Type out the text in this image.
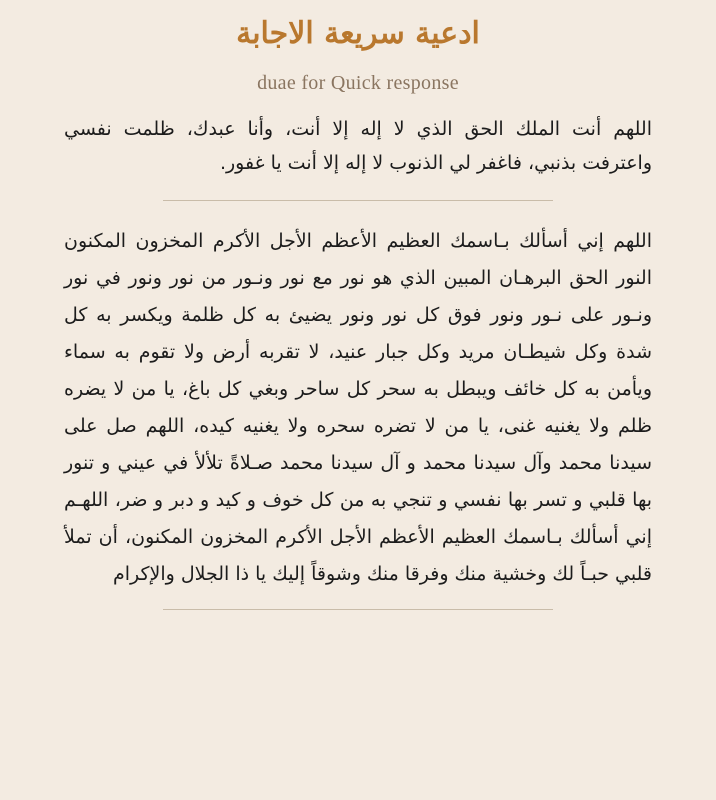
ادعية سريعة الاجابة
duae for Quick response

اللهم أنت الملك الحق الذي لا إله إلا أنت، وأنا عبدك، ظلمت نفسي واعترفت بذنبي، فاغفر لي الذنوب لا إله إلا أنت يا غفور.

اللهم إني أسألك بـاسمك العظيم الأعظم الأجل الأكرم المخزون المكنون النور الحق البرهـان المبين الذي هو نور مع نور ونـور من نور ونور في نور ونـور على نـور ونور فوق كل نور ونور يضيئ به كل ظلمة ويكسر به كل شدة وكل شيطـان مريد وكل جبار عنيد، لا تقربه أرض ولا تقوم به سماء ويأمن به كل خائف ويبطل به سحر كل ساحر وبغي كل باغ، يا من لا يضره ظلم ولا يغنيه غنى، يا من لا تضره سحره ولا يغنيه كيده، اللهم صل على سيدنا محمد وآل سيدنا محمد و آل سيدنا محمد صـلاةً تلألأ في عيني و تنور بها قلبي و تسر بها نفسي و تنجي به من كل خوف و كيد و دبر و ضر، اللهـم إني أسألك بـاسمك العظيم الأعظم الأجل الأكرم المخزون المكنون، أن تملأ قلبي حبـاً لك وخشية منك وفرقا منك وشوقاً إليك يا ذا الجلال والإكرام
